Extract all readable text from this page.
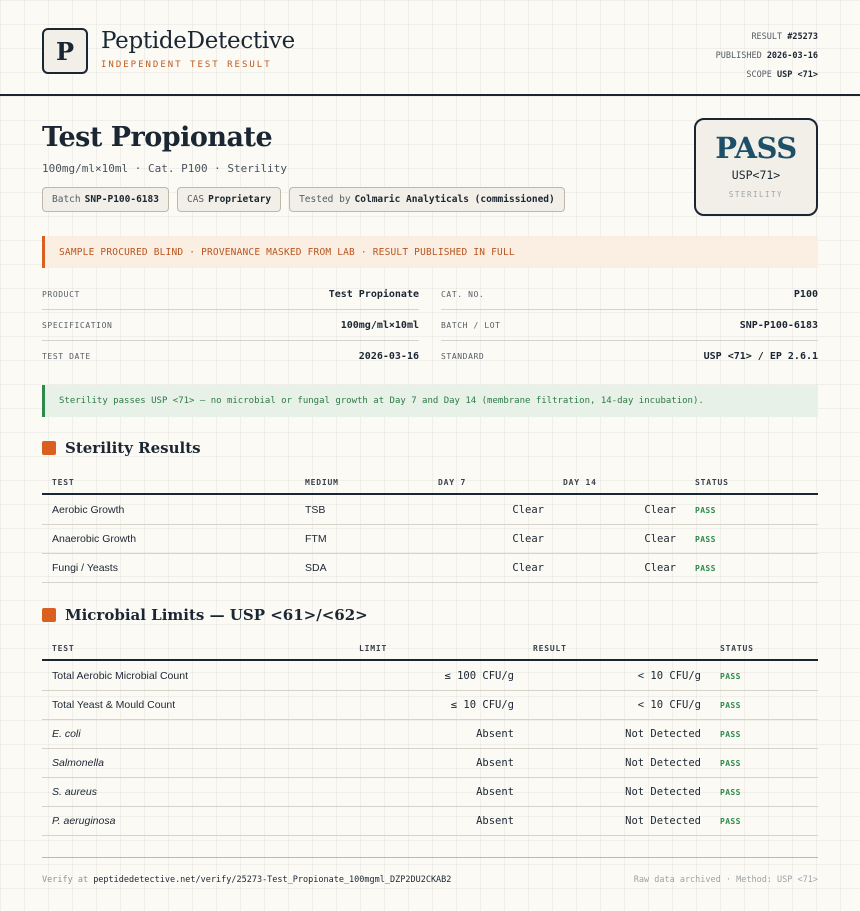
P	PeptideDetective
INDEPENDENT TEST RESULT
RESULT #25273
PUBLISHED 2026-03-16
SCOPE USP <71>
Test Propionate
100mg/ml×10ml · Cat. P100 · Sterility
Batch SNP-P100-6183	CAS Proprietary	Tested by Colmaric Analyticals (commissioned)
PASS
USP<71>
STERILITY
SAMPLE PROCURED BLIND · PROVENANCE MASKED FROM LAB · RESULT PUBLISHED IN FULL
PRODUCT	Test Propionate	CAT. NO.	P100
SPECIFICATION	100mg/ml×10ml	BATCH / LOT	SNP-P100-6183
TEST DATE	2026-03-16	STANDARD	USP <71> / EP 2.6.1
Sterility passes USP <71> — no microbial or fungal growth at Day 7 and Day 14 (membrane filtration, 14-day incubation).
Sterility Results
TEST	MEDIUM	DAY 7	DAY 14	STATUS
Aerobic Growth	TSB	Clear	Clear PASS
Anaerobic Growth	FTM	Clear	Clear PASS
Fungi / Yeasts	SDA	Clear	Clear PASS
Microbial Limits — USP <61>/<62>
TEST	LIMIT	RESULT	STATUS
Total Aerobic Microbial Count	≤ 100 CFU/g	< 10 CFU/g PASS
Total Yeast & Mould Count	≤ 10 CFU/g	< 10 CFU/g PASS
E. coli	Absent	Not Detected PASS
Salmonella	Absent	Not Detected PASS
S. aureus	Absent	Not Detected PASS
P. aeruginosa	Absent	Not Detected PASS
Verify at peptidedetective.net/verify/25273-Test_Propionate_100mgml_DZP2DU2CKAB2	Raw data archived · Method: USP <71>
